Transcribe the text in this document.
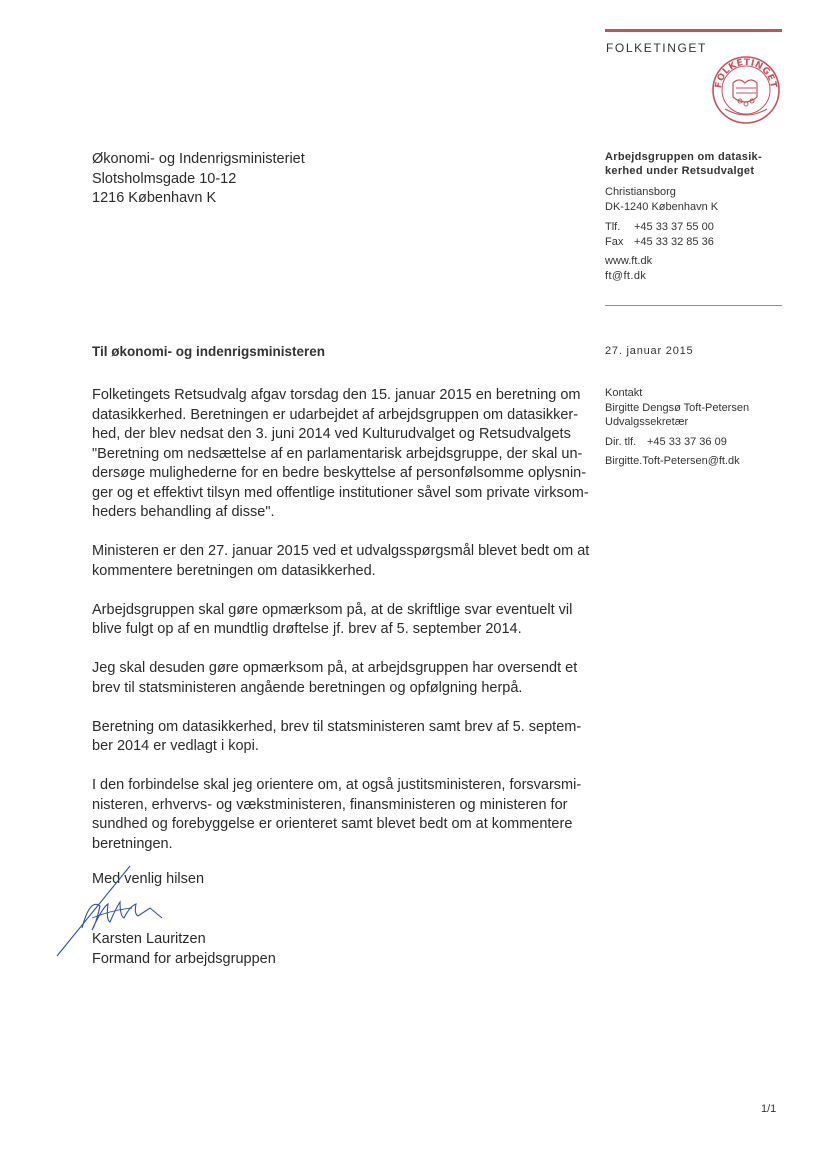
FOLKETINGET
FOLKETINGET
Økonomi- og Indenrigsministeriet
Slotsholmsgade 10-12
1216 København K
Arbejdsgruppen om datasik-
kerhed under Retsudvalget
Christiansborg
DK-1240 København K
Tlf. +45 33 37 55 00
Fax +45 33 32 85 36
www.ft.dk
ft@ft.dk
27. januar 2015
Kontakt
Birgitte Dengsø Toft-Petersen
Udvalgssekretær
Dir. tlf. +45 33 37 36 09
Birgitte.Toft-Petersen@ft.dk
Til økonomi- og indenrigsministeren

Folketingets Retsudvalg afgav torsdag den 15. januar 2015 en beretning om
datasikkerhed. Beretningen er udarbejdet af arbejdsgruppen om datasikker-
hed, der blev nedsat den 3. juni 2014 ved Kulturudvalget og Retsudvalgets
"Beretning om nedsættelse af en parlamentarisk arbejdsgruppe, der skal un-
dersøge mulighederne for en bedre beskyttelse af personfølsomme oplysnin-
ger og et effektivt tilsyn med offentlige institutioner såvel som private virksom-
heders behandling af disse".

Ministeren er den 27. januar 2015 ved et udvalgsspørgsmål blevet bedt om at
kommentere beretningen om datasikkerhed.

Arbejdsgruppen skal gøre opmærksom på, at de skriftlige svar eventuelt vil
blive fulgt op af en mundtlig drøftelse jf. brev af 5. september 2014.

Jeg skal desuden gøre opmærksom på, at arbejdsgruppen har oversendt et
brev til statsministeren angående beretningen og opfølgning herpå.

Beretning om datasikkerhed, brev til statsministeren samt brev af 5. septem-
ber 2014 er vedlagt i kopi.

I den forbindelse skal jeg orientere om, at også justitsministeren, forsvarsmi-
nisteren, erhvervs- og vækstministeren, finansministeren og ministeren for
sundhed og forebyggelse er orienteret samt blevet bedt om at kommentere
beretningen.

Med venlig hilsen
Karsten Lauritzen
Formand for arbejdsgruppen
1/1
